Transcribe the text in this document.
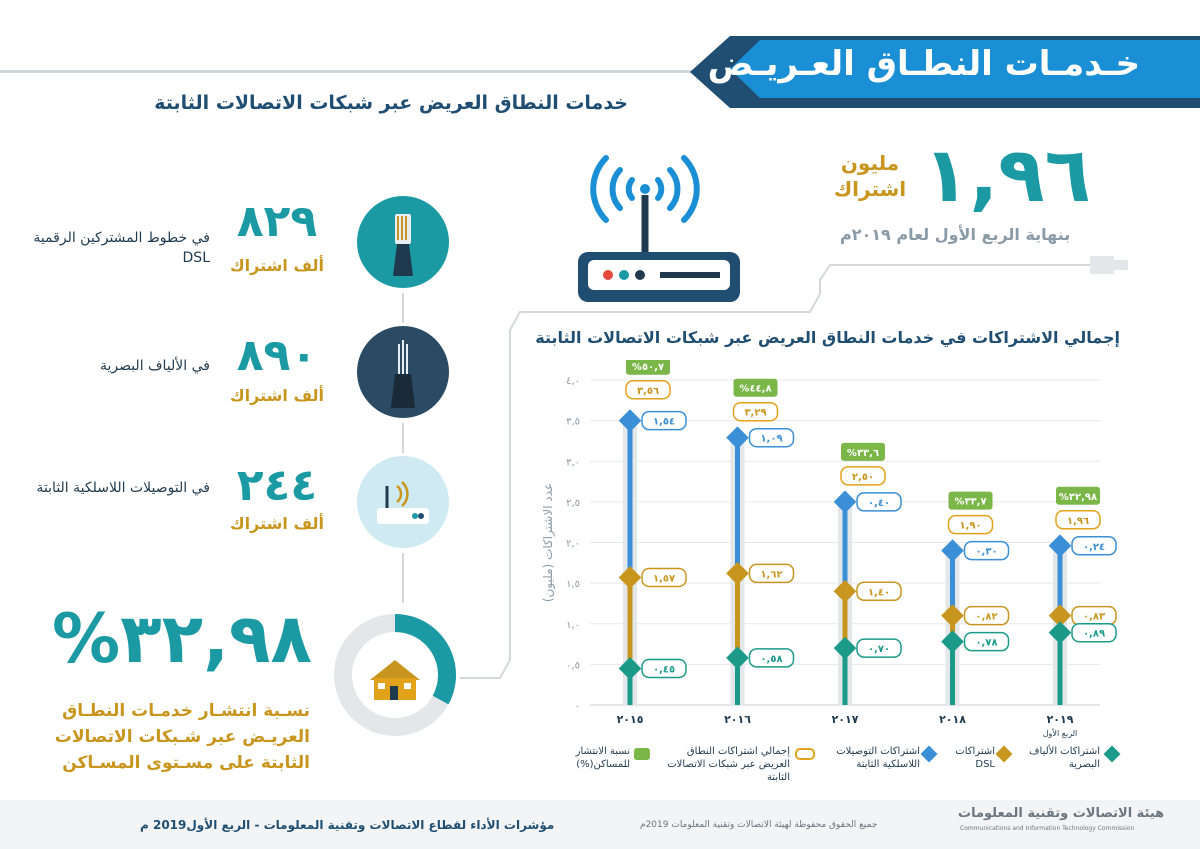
خـدمـات النطـاق العـريـض
خدمات النطاق العريض عبر شبكات الاتصالات الثابتة
في خطوط المشتركين الرقمية DSL
٨٢٩
ألف اشتراك
في الألياف البصرية ٨٩٠
ألف اشتراك
في التوصيلات اللاسلكية الثابتة ٢٤٤
ألف اشتراك
%٣٢,٩٨
نسـبة انتشـار خدمـات النطـاق العريـض عبر شـبكات الاتصالات الثابتة على مسـتوى المسـاكن
١,٩٦
مليون اشتراك
بنهاية الربع الأول لعام ٢٠١٩م
إجمالي الاشتراكات في خدمات النطاق العريض عبر شبكات الاتصالات الثابتة
٠
٠,٥
١,٠
١,٥
٢,٠
٢,٥
٣,٠
٣,٥
٤,٠
عدد الاشتراكات (مليون)
١,٥٤
١,٥٧
٠,٤٥
٣,٥٦
%٥٠,٧
٢٠١٥
١,٠٩
١,٦٢
٠,٥٨
٣,٢٩
%٤٤,٨
٢٠١٦
٠,٤٠
١,٤٠
٠,٧٠
٢,٥٠
%٣٣,٦
٢٠١٧
٠,٣٠
٠,٨٢
٠,٧٨
١,٩٠
%٣٣,٧
٢٠١٨
٠,٢٤
٠,٨٣
٠,٨٩
١,٩٦
%٣٢,٩٨
٢٠١٩
الربع الأول
اشتراكات الألياف البصرية
اشتراكات DSL
اشتراكات التوصيلات اللاسلكية الثابتة
إجمالي اشتراكات النطاق العريض عبر شبكات الاتصالات الثابتة
نسبة الانتشار للمساكن(%)
مؤشرات الأداء لقطاع الاتصالات وتقنية المعلومات - الربع الأول2019 م	جميع الحقوق محفوظة لهيئة الاتصالات وتقنية المعلومات 2019م
هيئة الاتصالات وتقنية المعلومات
Communications and Information Technology Commission
